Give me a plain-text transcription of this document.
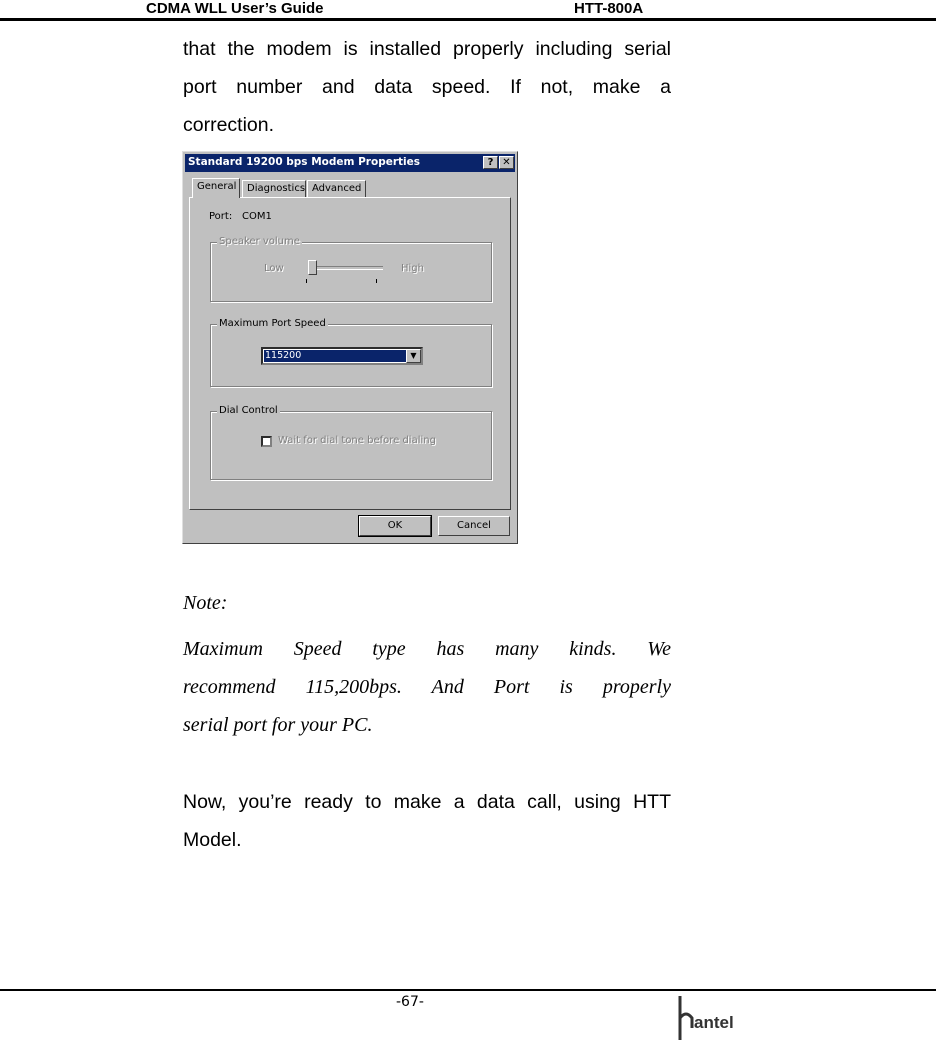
CDMA WLL User’s Guide	HTT-800A
that the modem is installed properly including serial
port number and data speed. If not, make a
correction.
Standard 19200 bps Modem Properties	? ✕
General	Diagnostics Advanced
Port: COM1
Speaker volume
Low	High
Maximum Port Speed
115200	▼
Dial Control
Wait for dial tone before dialing
OK	Cancel
Note:
Maximum Speed type has many kinds. We
recommend 115,200bps. And Port is properly
serial port for your PC.
Now, you’re ready to make a data call, using HTT
Model.
-67-
antel
